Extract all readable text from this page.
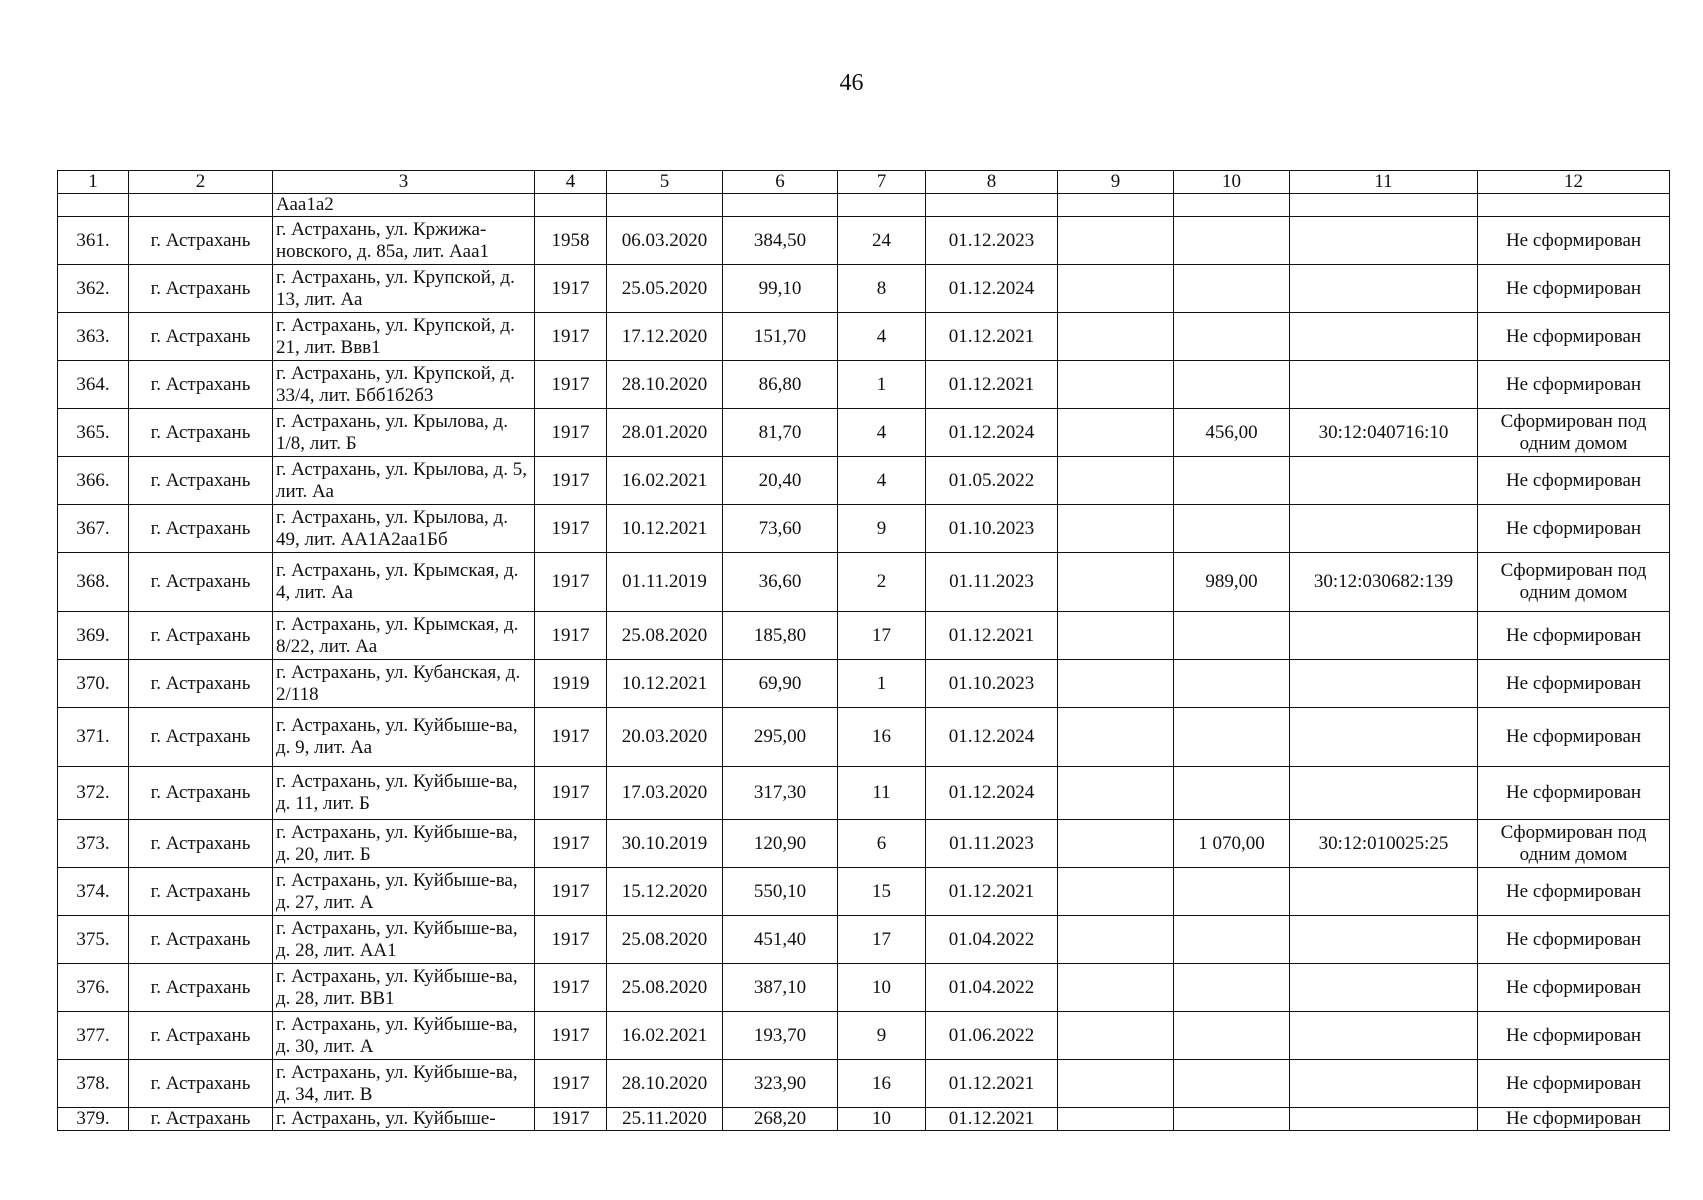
46
1	2	3	4	5	6	7	8	9	10	11	12
		Ааа1а2									
361.	г. Астрахань	г. Астрахань, ул. Кржижа-новского, д. 85а, лит. Ааа1	1958	06.03.2020	384,50	24	01.12.2023				Не сформирован
362.	г. Астрахань	г. Астрахань, ул. Крупской, д. 13, лит. Аа	1917	25.05.2020	99,10	8	01.12.2024				Не сформирован
363.	г. Астрахань	г. Астрахань, ул. Крупской, д. 21, лит. Ввв1	1917	17.12.2020	151,70	4	01.12.2021				Не сформирован
364.	г. Астрахань	г. Астрахань, ул. Крупской, д. 33/4, лит. Ббб1б2б3	1917	28.10.2020	86,80	1	01.12.2021				Не сформирован
365.	г. Астрахань	г. Астрахань, ул. Крылова, д. 1/8, лит. Б	1917	28.01.2020	81,70	4	01.12.2024		456,00	30:12:040716:10	Сформирован под одним домом
366.	г. Астрахань	г. Астрахань, ул. Крылова, д. 5, лит. Аа	1917	16.02.2021	20,40	4	01.05.2022				Не сформирован
367.	г. Астрахань	г. Астрахань, ул. Крылова, д. 49, лит. АА1А2аа1Бб	1917	10.12.2021	73,60	9	01.10.2023				Не сформирован
368.	г. Астрахань	г. Астрахань, ул. Крымская, д. 4, лит. Аа	1917	01.11.2019	36,60	2	01.11.2023		989,00	30:12:030682:139	Сформирован под одним домом
369.	г. Астрахань	г. Астрахань, ул. Крымская, д. 8/22, лит. Аа	1917	25.08.2020	185,80	17	01.12.2021				Не сформирован
370.	г. Астрахань	г. Астрахань, ул. Кубанская, д. 2/118	1919	10.12.2021	69,90	1	01.10.2023				Не сформирован
371.	г. Астрахань	г. Астрахань, ул. Куйбыше-ва, д. 9, лит. Аа	1917	20.03.2020	295,00	16	01.12.2024				Не сформирован
372.	г. Астрахань	г. Астрахань, ул. Куйбыше-ва, д. 11, лит. Б	1917	17.03.2020	317,30	11	01.12.2024				Не сформирован
373.	г. Астрахань	г. Астрахань, ул. Куйбыше-ва, д. 20, лит. Б	1917	30.10.2019	120,90	6	01.11.2023		1 070,00	30:12:010025:25	Сформирован под одним домом
374.	г. Астрахань	г. Астрахань, ул. Куйбыше-ва, д. 27, лит. А	1917	15.12.2020	550,10	15	01.12.2021				Не сформирован
375.	г. Астрахань	г. Астрахань, ул. Куйбыше-ва, д. 28, лит. АА1	1917	25.08.2020	451,40	17	01.04.2022				Не сформирован
376.	г. Астрахань	г. Астрахань, ул. Куйбыше-ва, д. 28, лит. ВВ1	1917	25.08.2020	387,10	10	01.04.2022				Не сформирован
377.	г. Астрахань	г. Астрахань, ул. Куйбыше-ва, д. 30, лит. А	1917	16.02.2021	193,70	9	01.06.2022				Не сформирован
378.	г. Астрахань	г. Астрахань, ул. Куйбыше-ва, д. 34, лит. В	1917	28.10.2020	323,90	16	01.12.2021				Не сформирован
379.	г. Астрахань	г. Астрахань, ул. Куйбыше-	1917	25.11.2020	268,20	10	01.12.2021				Не сформирован
